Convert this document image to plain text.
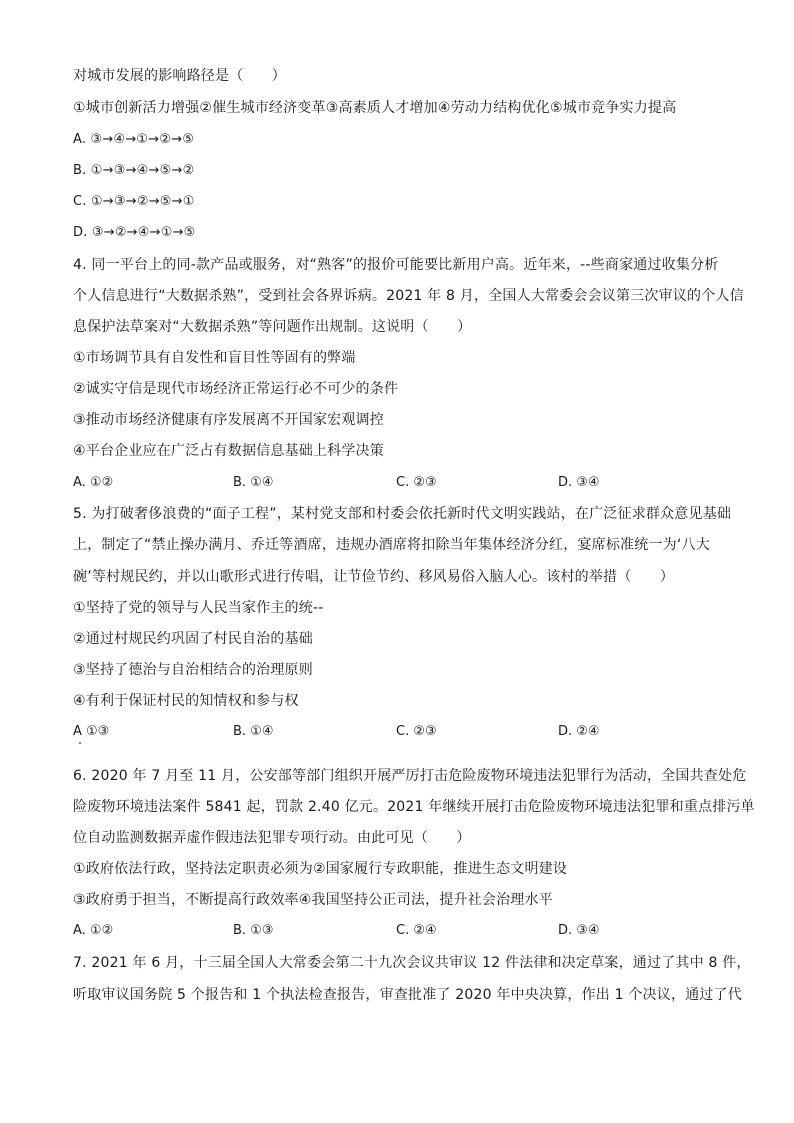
对城市发展的影响路径是（　　）
①城市创新活力增强②催生城市经济变革③高素质人才增加④劳动力结构优化⑤城市竞争实力提高
A. ③→④→①→②→⑤
B. ①→③→④→⑤→②
C. ①→③→②→⑤→①
D. ③→②→④→①→⑤
4. 同一平台上的同-款产品或服务，对“熟客”的报价可能要比新用户高。近年来，--些商家通过收集分析
个人信息进行“大数据杀熟”，受到社会各界诉病。2021 年 8 月，全国人大常委会会议第三次审议的个人信
息保护法草案对“大数据杀熟”等问题作出规制。这说明（　　）
①市场调节具有自发性和盲目性等固有的弊端
②诚实守信是现代市场经济正常运行必不可少的条件
③推动市场经济健康有序发展离不开国家宏观调控
④平台企业应在广泛占有数据信息基础上科学决策
A. ①②	B. ①④	C. ②③	D. ③④
5. 为打破奢侈浪费的“面子工程”，某村党支部和村委会依托新时代文明实践站，在广泛征求群众意见基础
上，制定了“禁止操办满月、乔迁等酒席，违规办酒席将扣除当年集体经济分红，宴席标准统一为‘八大
碗’等村规民约，并以山歌形式进行传唱，让节俭节约、移风易俗入脑人心。该村的举措（　　）
①坚持了党的领导与人民当家作主的统--
②通过村规民约巩固了村民自治的基础
③坚持了德治与自治相结合的治理原则
④有利于保证村民的知情权和参与权
A ①③	B. ①④	C. ②③	D. ②④
6. 2020 年 7 月至 11 月，公安部等部门组织开展严厉打击危险废物环境违法犯罪行为活动，全国共查处危
险废物环境违法案件 5841 起，罚款 2.40 亿元。2021 年继续开展打击危险废物环境违法犯罪和重点排污单
位自动监测数据弄虚作假违法犯罪专项行动。由此可见（　　）
①政府依法行政，坚持法定职责必须为②国家履行专政职能，推进生态文明建设
③政府勇于担当，不断提高行政效率④我国坚持公正司法，提升社会治理水平
A. ①②	B. ①③	C. ②④	D. ③④
7. 2021 年 6 月，十三届全国人大常委会第二十九次会议共审议 12 件法律和决定草案，通过了其中 8 件，
听取审议国务院 5 个报告和 1 个执法检查报告，审查批准了 2020 年中央决算，作出 1 个决议，通过了代
